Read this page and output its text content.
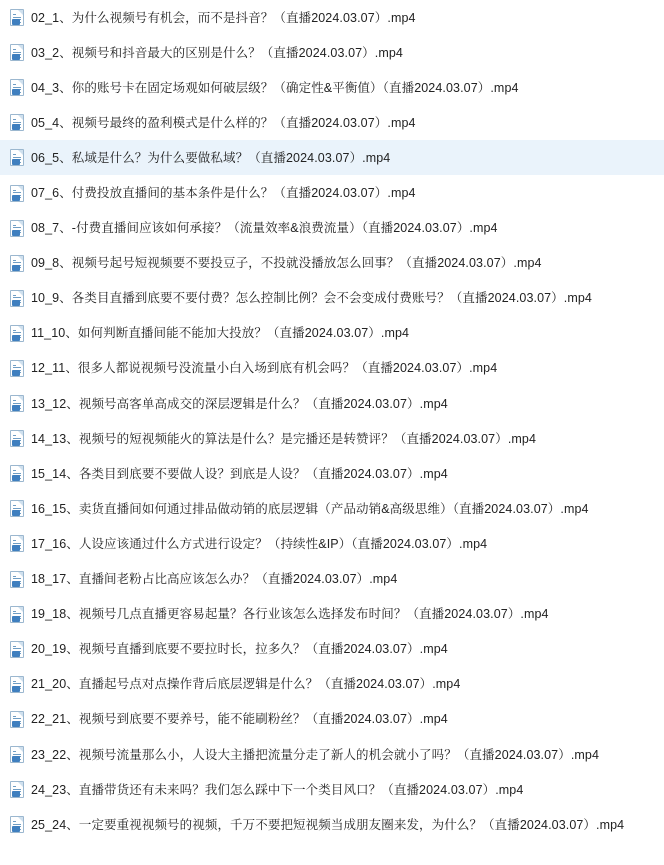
02_1、为什么视频号有机会，而不是抖音？（直播2024.03.07）.mp4
03_2、视频号和抖音最大的区别是什么？（直播2024.03.07）.mp4
04_3、你的账号卡在固定场观如何破层级？（确定性&平衡值）（直播2024.03.07）.mp4
05_4、视频号最终的盈利模式是什么样的？（直播2024.03.07）.mp4
06_5、私域是什么？为什么要做私域？（直播2024.03.07）.mp4
07_6、付费投放直播间的基本条件是什么？（直播2024.03.07）.mp4
08_7、-付费直播间应该如何承接？（流量效率&浪费流量）（直播2024.03.07）.mp4
09_8、视频号起号短视频要不要投豆子，不投就没播放怎么回事？（直播2024.03.07）.mp4
10_9、各类目直播到底要不要付费？怎么控制比例？会不会变成付费账号？（直播2024.03.07）.mp4
11_10、如何判断直播间能不能加大投放？（直播2024.03.07）.mp4
12_11、很多人都说视频号没流量小白入场到底有机会吗？（直播2024.03.07）.mp4
13_12、视频号高客单高成交的深层逻辑是什么？（直播2024.03.07）.mp4
14_13、视频号的短视频能火的算法是什么？是完播还是转赞评？（直播2024.03.07）.mp4
15_14、各类目到底要不要做人设？到底是人设？（直播2024.03.07）.mp4
16_15、卖货直播间如何通过排品做动销的底层逻辑（产品动销&高级思维）（直播2024.03.07）.mp4
17_16、人设应该通过什么方式进行设定？（持续性&IP）（直播2024.03.07）.mp4
18_17、直播间老粉占比高应该怎么办？（直播2024.03.07）.mp4
19_18、视频号几点直播更容易起量？各行业该怎么选择发布时间？（直播2024.03.07）.mp4
20_19、视频号直播到底要不要拉时长，拉多久？（直播2024.03.07）.mp4
21_20、直播起号点对点操作背后底层逻辑是什么？（直播2024.03.07）.mp4
22_21、视频号到底要不要养号，能不能刷粉丝？（直播2024.03.07）.mp4
23_22、视频号流量那么小，人设大主播把流量分走了新人的机会就小了吗？（直播2024.03.07）.mp4
24_23、直播带货还有未来吗？我们怎么踩中下一个类目风口？（直播2024.03.07）.mp4
25_24、一定要重视视频号的视频，千万不要把短视频当成朋友圈来发，为什么？（直播2024.03.07）.mp4
